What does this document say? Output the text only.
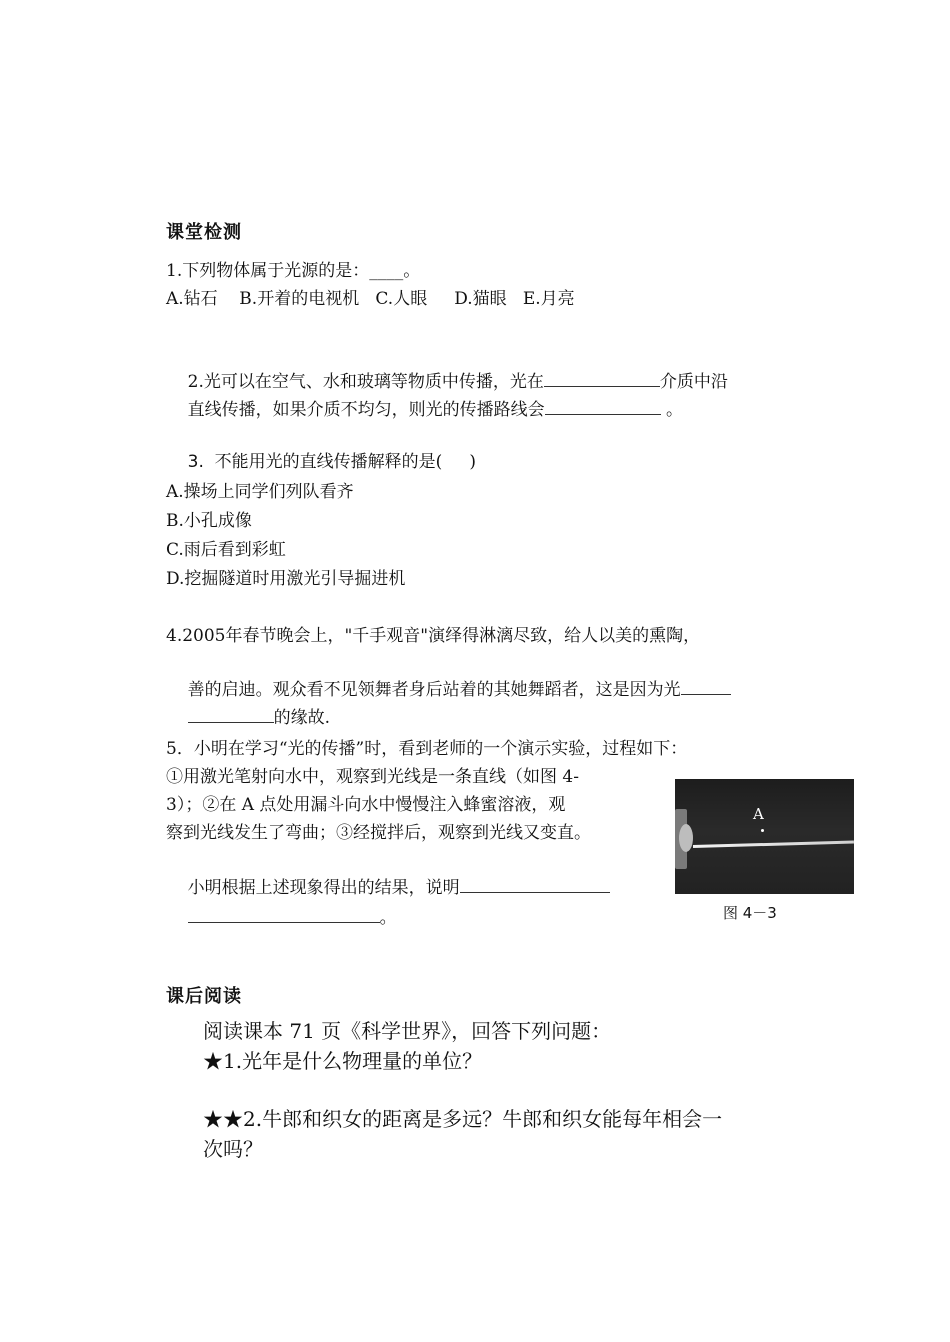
课堂检测
1.下列物体属于光源的是：____。
A.钻石    B.开着的电视机   C.人眼     D.猫眼   E.月亮

2.光可以在空气、水和玻璃等物质中传播，光在	介质中沿

直线传播，如果介质不均匀，则光的传播路线会	。

3. 不能用光的直线传播解释的是(     )

A.操场上同学们列队看齐
B.小孔成像
C.雨后看到彩虹
D.挖掘隧道时用激光引导掘进机
4.2005年春节晚会上，"千手观音"演绎得淋漓尽致，给人以美的熏陶，

善的启迪。观众看不见领舞者身后站着的其她舞蹈者，这是因为光

的缘故.

5．小明在学习“光的传播”时，看到老师的一个演示实验，过程如下：
①用激光笔射向水中，观察到光线是一条直线（如图 4-
3）；②在 A 点处用漏斗向水中慢慢注入蜂蜜溶液，观
察到光线发生了弯曲；③经搅拌后，观察到光线又变直。

小明根据上述现象得出的结果，说明

。

A
图 4－3
课后阅读
阅读课本 71 页《科学世界》，回答下列问题：
★1.光年是什么物理量的单位？
★★2.牛郎和织女的距离是多远？牛郎和织女能每年相会一
次吗？
